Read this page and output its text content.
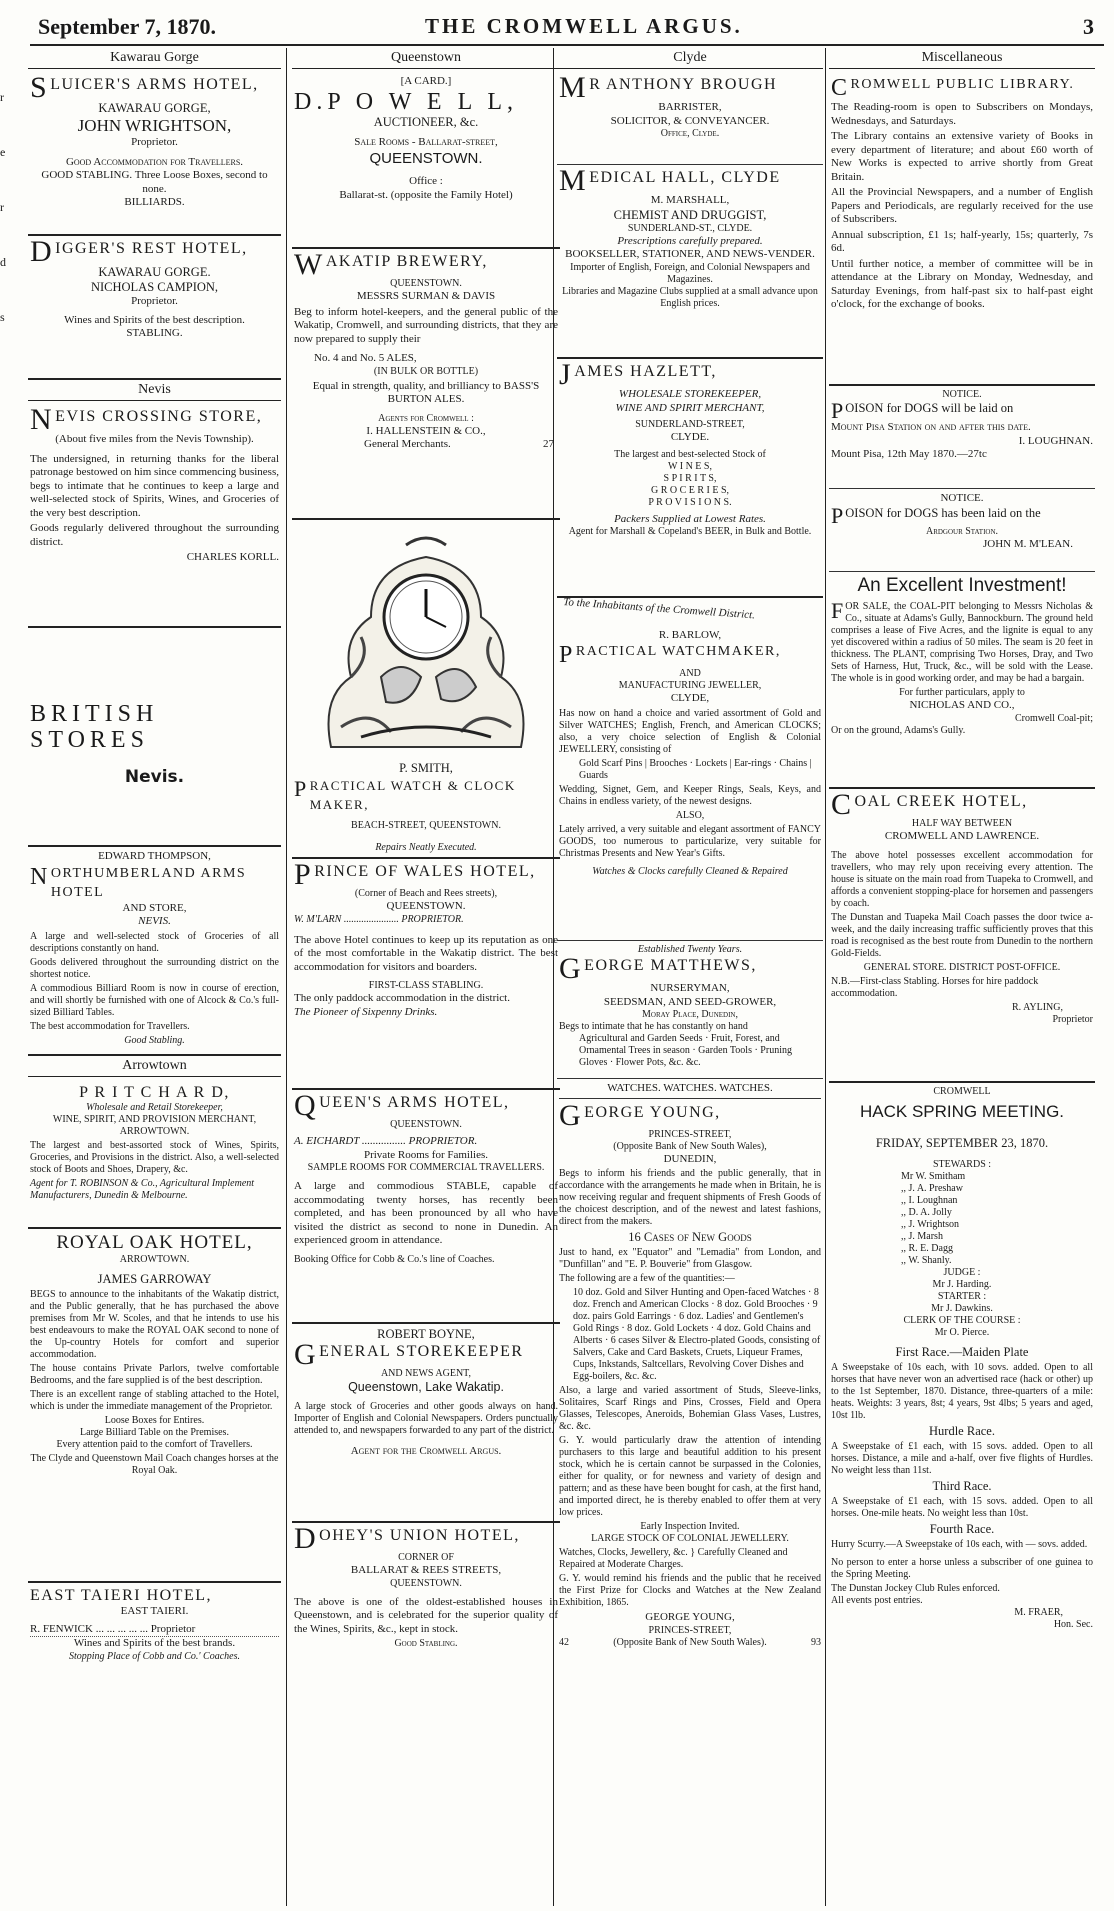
September 7, 1870.	THE CROMWELL ARGUS.	3
r
e
r
d
s
Kawarau Gorge
SLUICER'S ARMS HOTEL,
KAWARAU GORGE,
JOHN WRIGHTSON,
Proprietor.
Good Accommodation for Travellers.
GOOD STABLING. Three Loose Boxes, second to none.
BILLIARDS.
DIGGER'S REST HOTEL,
KAWARAU GORGE.
NICHOLAS CAMPION,
Proprietor.
Wines and Spirits of the best description.
STABLING.
Nevis
NEVIS CROSSING STORE,
(About five miles from the Nevis Township).

The undersigned, in returning thanks for the liberal patronage bestowed on him since commencing business, begs to intimate that he continues to keep a large and well-selected stock of Spirits, Wines, and Groceries of the very best description.

Goods regularly delivered throughout the surrounding district.

CHARLES KORLL.
BRITISH STORES
Nevis.
EDWARD THOMPSON,
NORTHUMBERLAND ARMS HOTEL
AND STORE,
NEVIS.

A large and well-selected stock of Groceries of all descriptions constantly on hand.

Goods delivered throughout the surrounding district on the shortest notice.

A commodious Billiard Room is now in course of erection, and will shortly be furnished with one of Alcock & Co.'s full-sized Billiard Tables.

The best accommodation for Travellers.

Good Stabling.
Arrowtown
P R I T C H A R D,
Wholesale and Retail Storekeeper,
WINE, SPIRIT, AND PROVISION MERCHANT,
ARROWTOWN.

The largest and best-assorted stock of Wines, Spirits, Groceries, and Provisions in the district. Also, a well-selected stock of Boots and Shoes, Drapery, &c.

Agent for T. ROBINSON & Co., Agricultural Implement Manufacturers, Dunedin & Melbourne.

ROYAL OAK HOTEL,
ARROWTOWN.
JAMES GARROWAY

BEGS to announce to the inhabitants of the Wakatip district, and the Public generally, that he has purchased the above premises from Mr W. Scoles, and that he intends to use his best endeavours to make the ROYAL OAK second to none of the Up-country Hotels for comfort and superior accommodation.

The house contains Private Parlors, twelve comfortable Bedrooms, and the fare supplied is of the best description.

There is an excellent range of stabling attached to the Hotel, which is under the immediate management of the Proprietor.

Loose Boxes for Entires.
Large Billiard Table on the Premises.
Every attention paid to the comfort of Travellers.

The Clyde and Queenstown Mail Coach changes horses at the Royal Oak.

EAST TAIERI HOTEL,
EAST TAIERI.
R. FENWICK ... ... ... ... ... Proprietor
Wines and Spirits of the best brands.
Stopping Place of Cobb and Co.' Coaches.
Queenstown
[A CARD.]
D.P O W E L L,
AUCTIONEER, &c.
Sale Rooms - Ballarat-street,
QUEENSTOWN.
Office :
Ballarat-st. (opposite the Family Hotel)
WAKATIP BREWERY,
QUEENSTOWN.
MESSRS SURMAN & DAVIS

Beg to inform hotel-keepers, and the general public of the Wakatip, Cromwell, and surrounding districts, that they are now prepared to supply their

No. 4 and No. 5 ALES,
(IN BULK OR BOTTLE)

Equal in strength, quality, and brilliancy to BASS'S BURTON ALES.

Agents for Cromwell :
I. HALLENSTEIN & CO.,
General Merchants.	27
P. SMITH,
PRACTICAL WATCH & CLOCK MAKER,
BEACH-STREET, QUEENSTOWN.
Repairs Neatly Executed.
PRINCE OF WALES HOTEL,
(Corner of Beach and Rees streets),
QUEENSTOWN.
W. M'LARN ...................... PROPRIETOR.

The above Hotel continues to keep up its reputation as one of the most comfortable in the Wakatip district. The best accommodation for visitors and boarders.

FIRST-CLASS STABLING.
The only paddock accommodation in the district.
The Pioneer of Sixpenny Drinks.
QUEEN'S ARMS HOTEL,
QUEENSTOWN.
A. EICHARDT ................ PROPRIETOR.
Private Rooms for Families.
SAMPLE ROOMS FOR COMMERCIAL TRAVELLERS.

A large and commodious STABLE, capable of accommodating twenty horses, has recently been completed, and has been pronounced by all who have visited the district as second to none in Dunedin. An experienced groom in attendance.

Booking Office for Cobb & Co.'s line of Coaches.

ROBERT BOYNE,
GENERAL STOREKEEPER
AND NEWS AGENT,
Queenstown, Lake Wakatip.

A large stock of Groceries and other goods always on hand. Importer of English and Colonial Newspapers. Orders punctually attended to, and newspapers forwarded to any part of the district.

Agent for the Cromwell Argus.
DOHEY'S UNION HOTEL,
CORNER OF
BALLARAT & REES STREETS,
QUEENSTOWN.

The above is one of the oldest-established houses in Queenstown, and is celebrated for the superior quality of the Wines, Spirits, &c., kept in stock.

Good Stabling.
Clyde
M R ANTHONY BROUGH
BARRISTER,
SOLICITOR, & CONVEYANCER.
Office, Clyde.
MEDICAL HALL, CLYDE
M. MARSHALL,
CHEMIST AND DRUGGIST,
SUNDERLAND-ST., CLYDE.
Prescriptions carefully prepared.
BOOKSELLER, STATIONER, AND NEWS-VENDER.
Importer of English, Foreign, and Colonial Newspapers and Magazines.
Libraries and Magazine Clubs supplied at a small advance upon English prices.
JAMES HAZLETT,
WHOLESALE STOREKEEPER,
WINE AND SPIRIT MERCHANT,
SUNDERLAND-STREET,
CLYDE.
The largest and best-selected Stock of
W I N E S,
S P I R I T S,
G R O C E R I E S,
P R O V I S I O N S.
Packers Supplied at Lowest Rates.
Agent for Marshall & Copeland's BEER, in Bulk and Bottle.
To the Inhabitants of the Cromwell District.
R. BARLOW,
PRACTICAL WATCHMAKER,
AND
MANUFACTURING JEWELLER,
CLYDE,

Has now on hand a choice and varied assortment of Gold and Silver WATCHES; English, French, and American CLOCKS; also, a very choice selection of English & Colonial JEWELLERY, consisting of

Gold Scarf Pins | Brooches · Lockets | Ear-rings · Chains | Guards

Wedding, Signet, Gem, and Keeper Rings, Seals, Keys, and Chains in endless variety, of the newest designs.

ALSO,

Lately arrived, a very suitable and elegant assortment of FANCY GOODS, too numerous to particularize, very suitable for Christmas Presents and New Year's Gifts.

Watches & Clocks carefully Cleaned & Repaired
Established Twenty Years.
GEORGE MATTHEWS,
NURSERYMAN,
SEEDSMAN, AND SEED-GROWER,
Moray Place, Dunedin,
Begs to intimate that he has constantly on hand
Agricultural and Garden Seeds · Fruit, Forest, and Ornamental Trees in season · Garden Tools · Pruning Gloves · Flower Pots, &c. &c.
WATCHES. WATCHES. WATCHES.
GEORGE YOUNG,
PRINCES-STREET,
(Opposite Bank of New South Wales),
DUNEDIN,

Begs to inform his friends and the public generally, that in accordance with the arrangements he made when in Britain, he is now receiving regular and frequent shipments of Fresh Goods of the choicest description, and of the newest and latest fashions, direct from the makers.

16 Cases of New Goods

Just to hand, ex "Equator" and "Lemadia" from London, and "Dunfillan" and "E. P. Bouverie" from Glasgow.

The following are a few of the quantities:—

10 doz. Gold and Silver Hunting and Open-faced Watches · 8 doz. French and American Clocks · 8 doz. Gold Brooches · 9 doz. pairs Gold Earrings · 6 doz. Ladies' and Gentlemen's Gold Rings · 8 doz. Gold Lockets · 4 doz. Gold Chains and Alberts · 6 cases Silver & Electro-plated Goods, consisting of Salvers, Cake and Card Baskets, Cruets, Liqueur Frames, Cups, Inkstands, Saltcellars, Revolving Cover Dishes and Egg-boilers, &c. &c.

Also, a large and varied assortment of Studs, Sleeve-links, Solitaires, Scarf Rings and Pins, Crosses, Field and Opera Glasses, Telescopes, Aneroids, Bohemian Glass Vases, Lustres, &c. &c.

G. Y. would particularly draw the attention of intending purchasers to this large and beautiful addition to his present stock, which he is certain cannot be surpassed in the Colonies, either for quality, or for newness and variety of design and pattern; and as these have been bought for cash, at the first hand, and imported direct, he is thereby enabled to offer them at very low prices.

Early Inspection Invited.
LARGE STOCK OF COLONIAL JEWELLERY.

Watches, Clocks, Jewellery, &c. } Carefully Cleaned and Repaired at Moderate Charges.

G. Y. would remind his friends and the public that he received the First Prize for Clocks and Watches at the New Zealand Exhibition, 1865.

GEORGE YOUNG,
PRINCES-STREET,
42	(Opposite Bank of New South Wales).	93
Miscellaneous
CROMWELL PUBLIC LIBRARY.

The Reading-room is open to Subscribers on Mondays, Wednesdays, and Saturdays.

The Library contains an extensive variety of Books in every department of literature; and about £60 worth of New Works is expected to arrive shortly from Great Britain.

All the Provincial Newspapers, and a number of English Papers and Periodicals, are regularly received for the use of Subscribers.

Annual subscription, £1 1s; half-yearly, 15s; quarterly, 7s 6d.

Until further notice, a member of committee will be in attendance at the Library on Monday, Wednesday, and Saturday Evenings, from half-past six to half-past eight o'clock, for the exchange of books.

NOTICE.
POISON for DOGS will be laid on
Mount Pisa Station on and after this date.
I. LOUGHNAN.
Mount Pisa, 12th May 1870.—27tc
NOTICE.
POISON for DOGS has been laid on the
Ardgour Station.
JOHN M. M'LEAN.
An Excellent Investment!

FOR SALE, the COAL-PIT belonging to Messrs Nicholas & Co., situate at Adams's Gully, Bannockburn. The ground held comprises a lease of Five Acres, and the lignite is equal to any yet discovered within a radius of 50 miles. The seam is 20 feet in thickness. The PLANT, comprising Two Horses, Dray, and Two Sets of Harness, Hut, Truck, &c., will be sold with the Lease. The whole is in good working order, and may be had a bargain.

For further particulars, apply to
NICHOLAS AND CO.,
Cromwell Coal-pit;
Or on the ground, Adams's Gully.
COAL CREEK HOTEL,
HALF WAY BETWEEN
CROMWELL AND LAWRENCE.

The above hotel possesses excellent accommodation for travellers, who may rely upon receiving every attention. The house is situate on the main road from Tuapeka to Cromwell, and affords a convenient stopping-place for horsemen and passengers by coach.

The Dunstan and Tuapeka Mail Coach passes the door twice a-week, and the daily increasing traffic sufficiently proves that this road is recognised as the best route from Dunedin to the northern Gold-Fields.

GENERAL STORE. DISTRICT POST-OFFICE.

N.B.—First-class Stabling. Horses for hire paddock accommodation.

R. AYLING,
Proprietor
CROMWELL
HACK SPRING MEETING.
FRIDAY, SEPTEMBER 23, 1870.
STEWARDS :
Mr W. Smitham
,, J. A. Preshaw
,, I. Loughnan
,, D. A. Jolly
,, J. Wrightson
,, J. Marsh
,, R. E. Dagg
,, W. Shanly.
JUDGE :
Mr J. Harding.
STARTER :
Mr J. Dawkins.
CLERK OF THE COURSE :
Mr O. Pierce.
First Race.—Maiden Plate

A Sweepstake of 10s each, with 10 sovs. added. Open to all horses that have never won an advertised race (hack or other) up to the 1st September, 1870. Distance, three-quarters of a mile: heats. Weights: 3 years, 8st; 4 years, 9st 4lbs; 5 years and aged, 10st 1lb.

Hurdle Race.

A Sweepstake of £1 each, with 15 sovs. added. Open to all horses. Distance, a mile and a-half, over five flights of Hurdles. No weight less than 11st.

Third Race.

A Sweepstake of £1 each, with 15 sovs. added. Open to all horses. One-mile heats. No weight less than 10st.

Fourth Race.

Hurry Scurry.—A Sweepstake of 10s each, with — sovs. added.

No person to enter a horse unless a subscriber of one guinea to the Spring Meeting.

The Dunstan Jockey Club Rules enforced.
All events post entries.
M. FRAER,
Hon. Sec.
